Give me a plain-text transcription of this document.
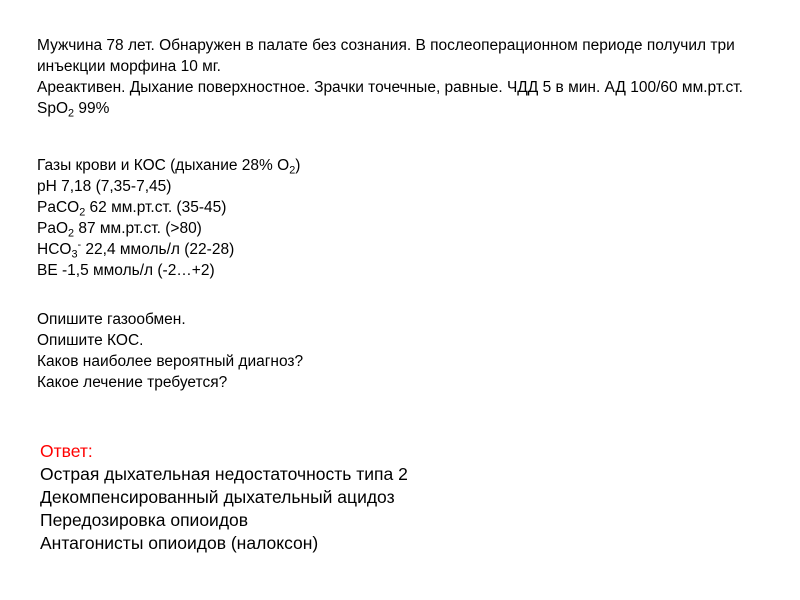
Мужчина 78 лет. Обнаружен в палате без сознания. В послеоперационном периоде получил три инъекции морфина 10 мг.

Ареактивен. Дыхание поверхностное. Зрачки точечные, равные. ЧДД 5 в мин. АД 100/60 мм.рт.ст. SpO$_2$ 99%

Газы крови и КОС (дыхание 28% $O_2$)
pH 7,18 (7,35-7,45)
PaCO$_2$ 62 мм.рт.ст. (35-45)
PaO$_2$ 87 мм.рт.ст. (>80)
$HCO_3^-$ 22,4 ммоль/л (22-28)
BE -1,5 ммоль/л (-2…+2)
Опишите газообмен.
Опишите КОС.
Каков наиболее вероятный диагноз?
Какое лечение требуется?
Ответ:
Острая дыхательная недостаточность типа 2
Декомпенсированный дыхательный ацидоз
Передозировка опиоидов
Антагонисты опиоидов (налоксон)
